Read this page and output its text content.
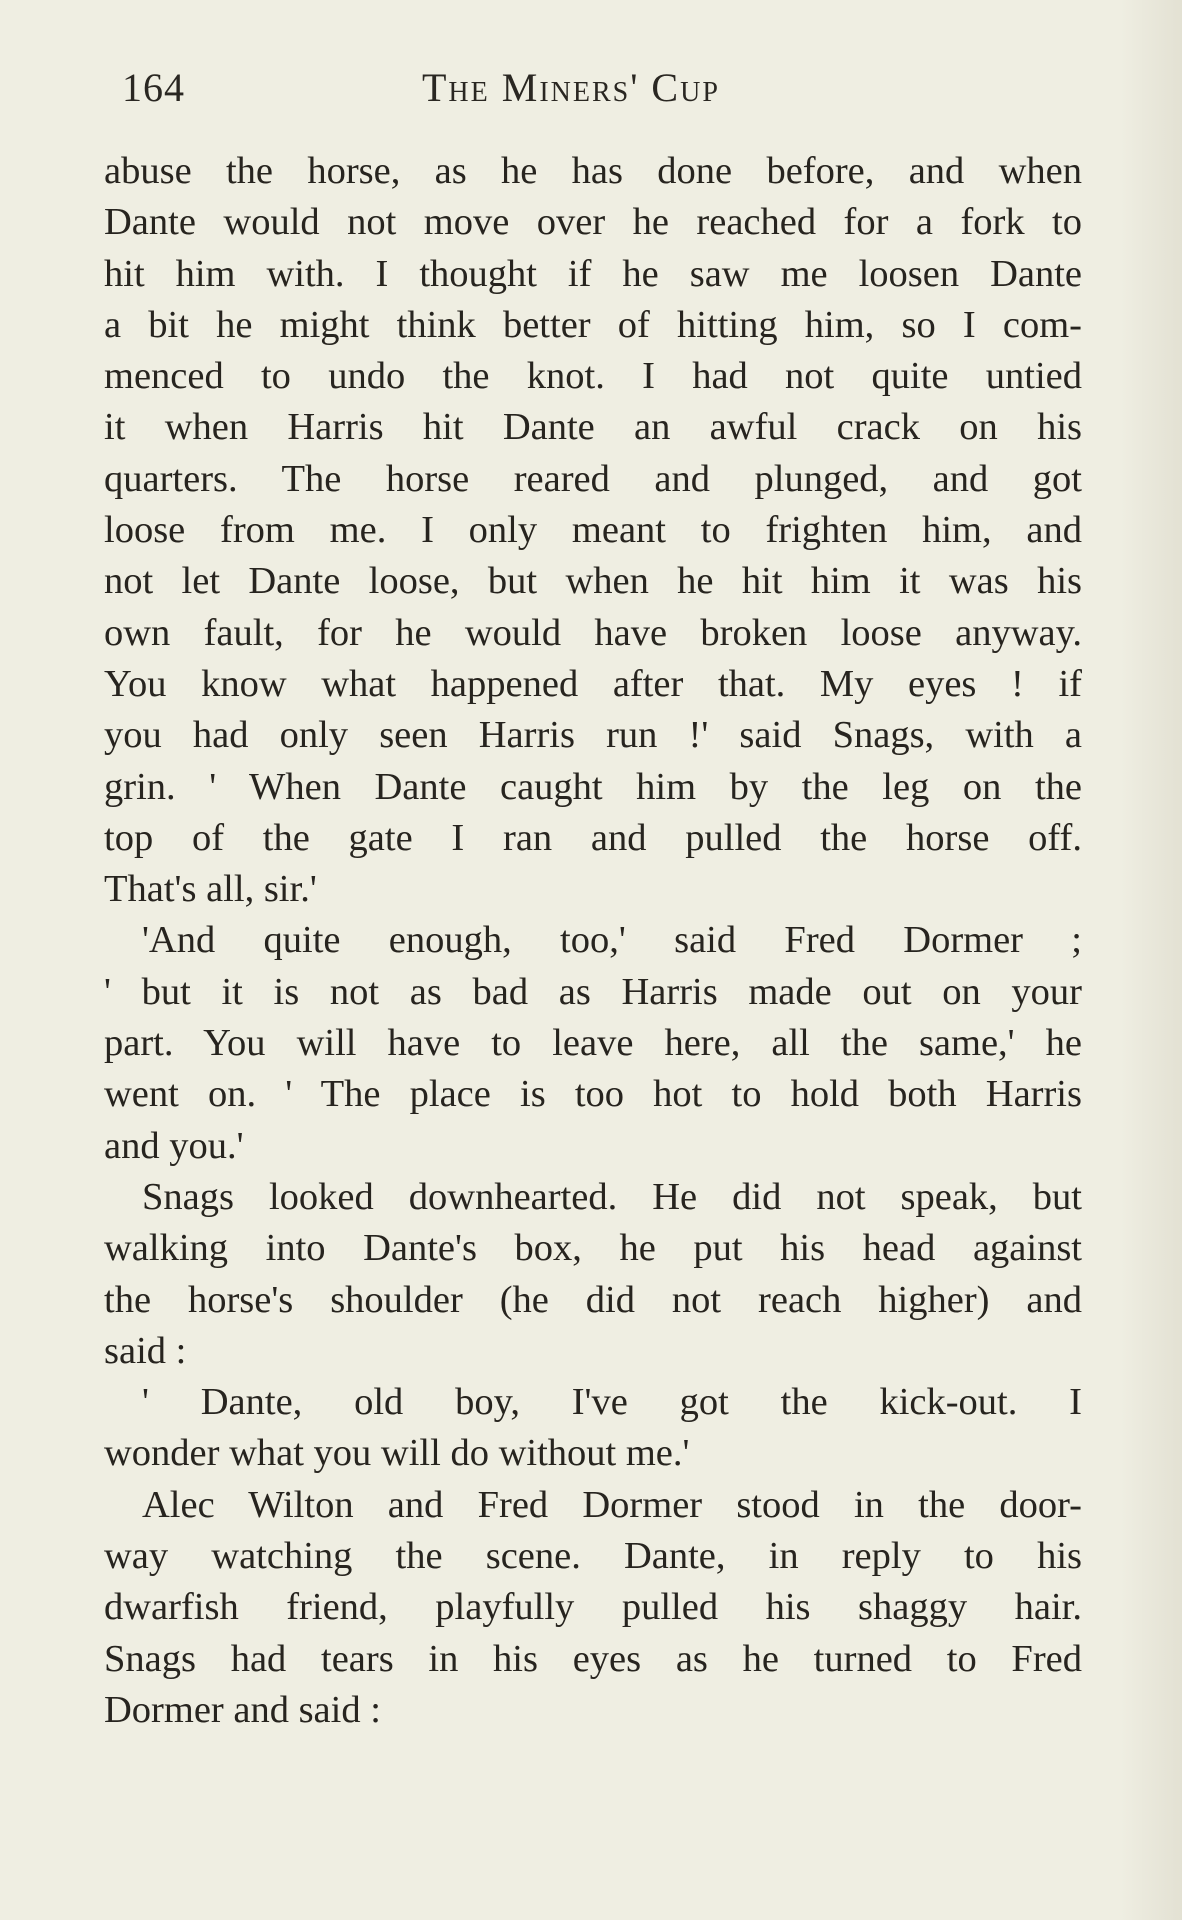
164	The Miners' Cup
abuse the horse, as he has done before, and when
Dante would not move over he reached for a fork to
hit him with. I thought if he saw me loosen Dante
a bit he might think better of hitting him, so I com-
menced to undo the knot. I had not quite untied
it when Harris hit Dante an awful crack on his
quarters. The horse reared and plunged, and got
loose from me. I only meant to frighten him, and
not let Dante loose, but when he hit him it was his
own fault, for he would have broken loose anyway.
You know what happened after that. My eyes ! if
you had only seen Harris run !' said Snags, with a
grin. ' When Dante caught him by the leg on the
top of the gate I ran and pulled the horse off.
That's all, sir.'
'And quite enough, too,' said Fred Dormer ;
' but it is not as bad as Harris made out on your
part. You will have to leave here, all the same,' he
went on. ' The place is too hot to hold both Harris
and you.'
Snags looked downhearted. He did not speak, but
walking into Dante's box, he put his head against
the horse's shoulder (he did not reach higher) and
said :
' Dante, old boy, I've got the kick-out. I
wonder what you will do without me.'
Alec Wilton and Fred Dormer stood in the door-
way watching the scene. Dante, in reply to his
dwarfish friend, playfully pulled his shaggy hair.
Snags had tears in his eyes as he turned to Fred
Dormer and said :
